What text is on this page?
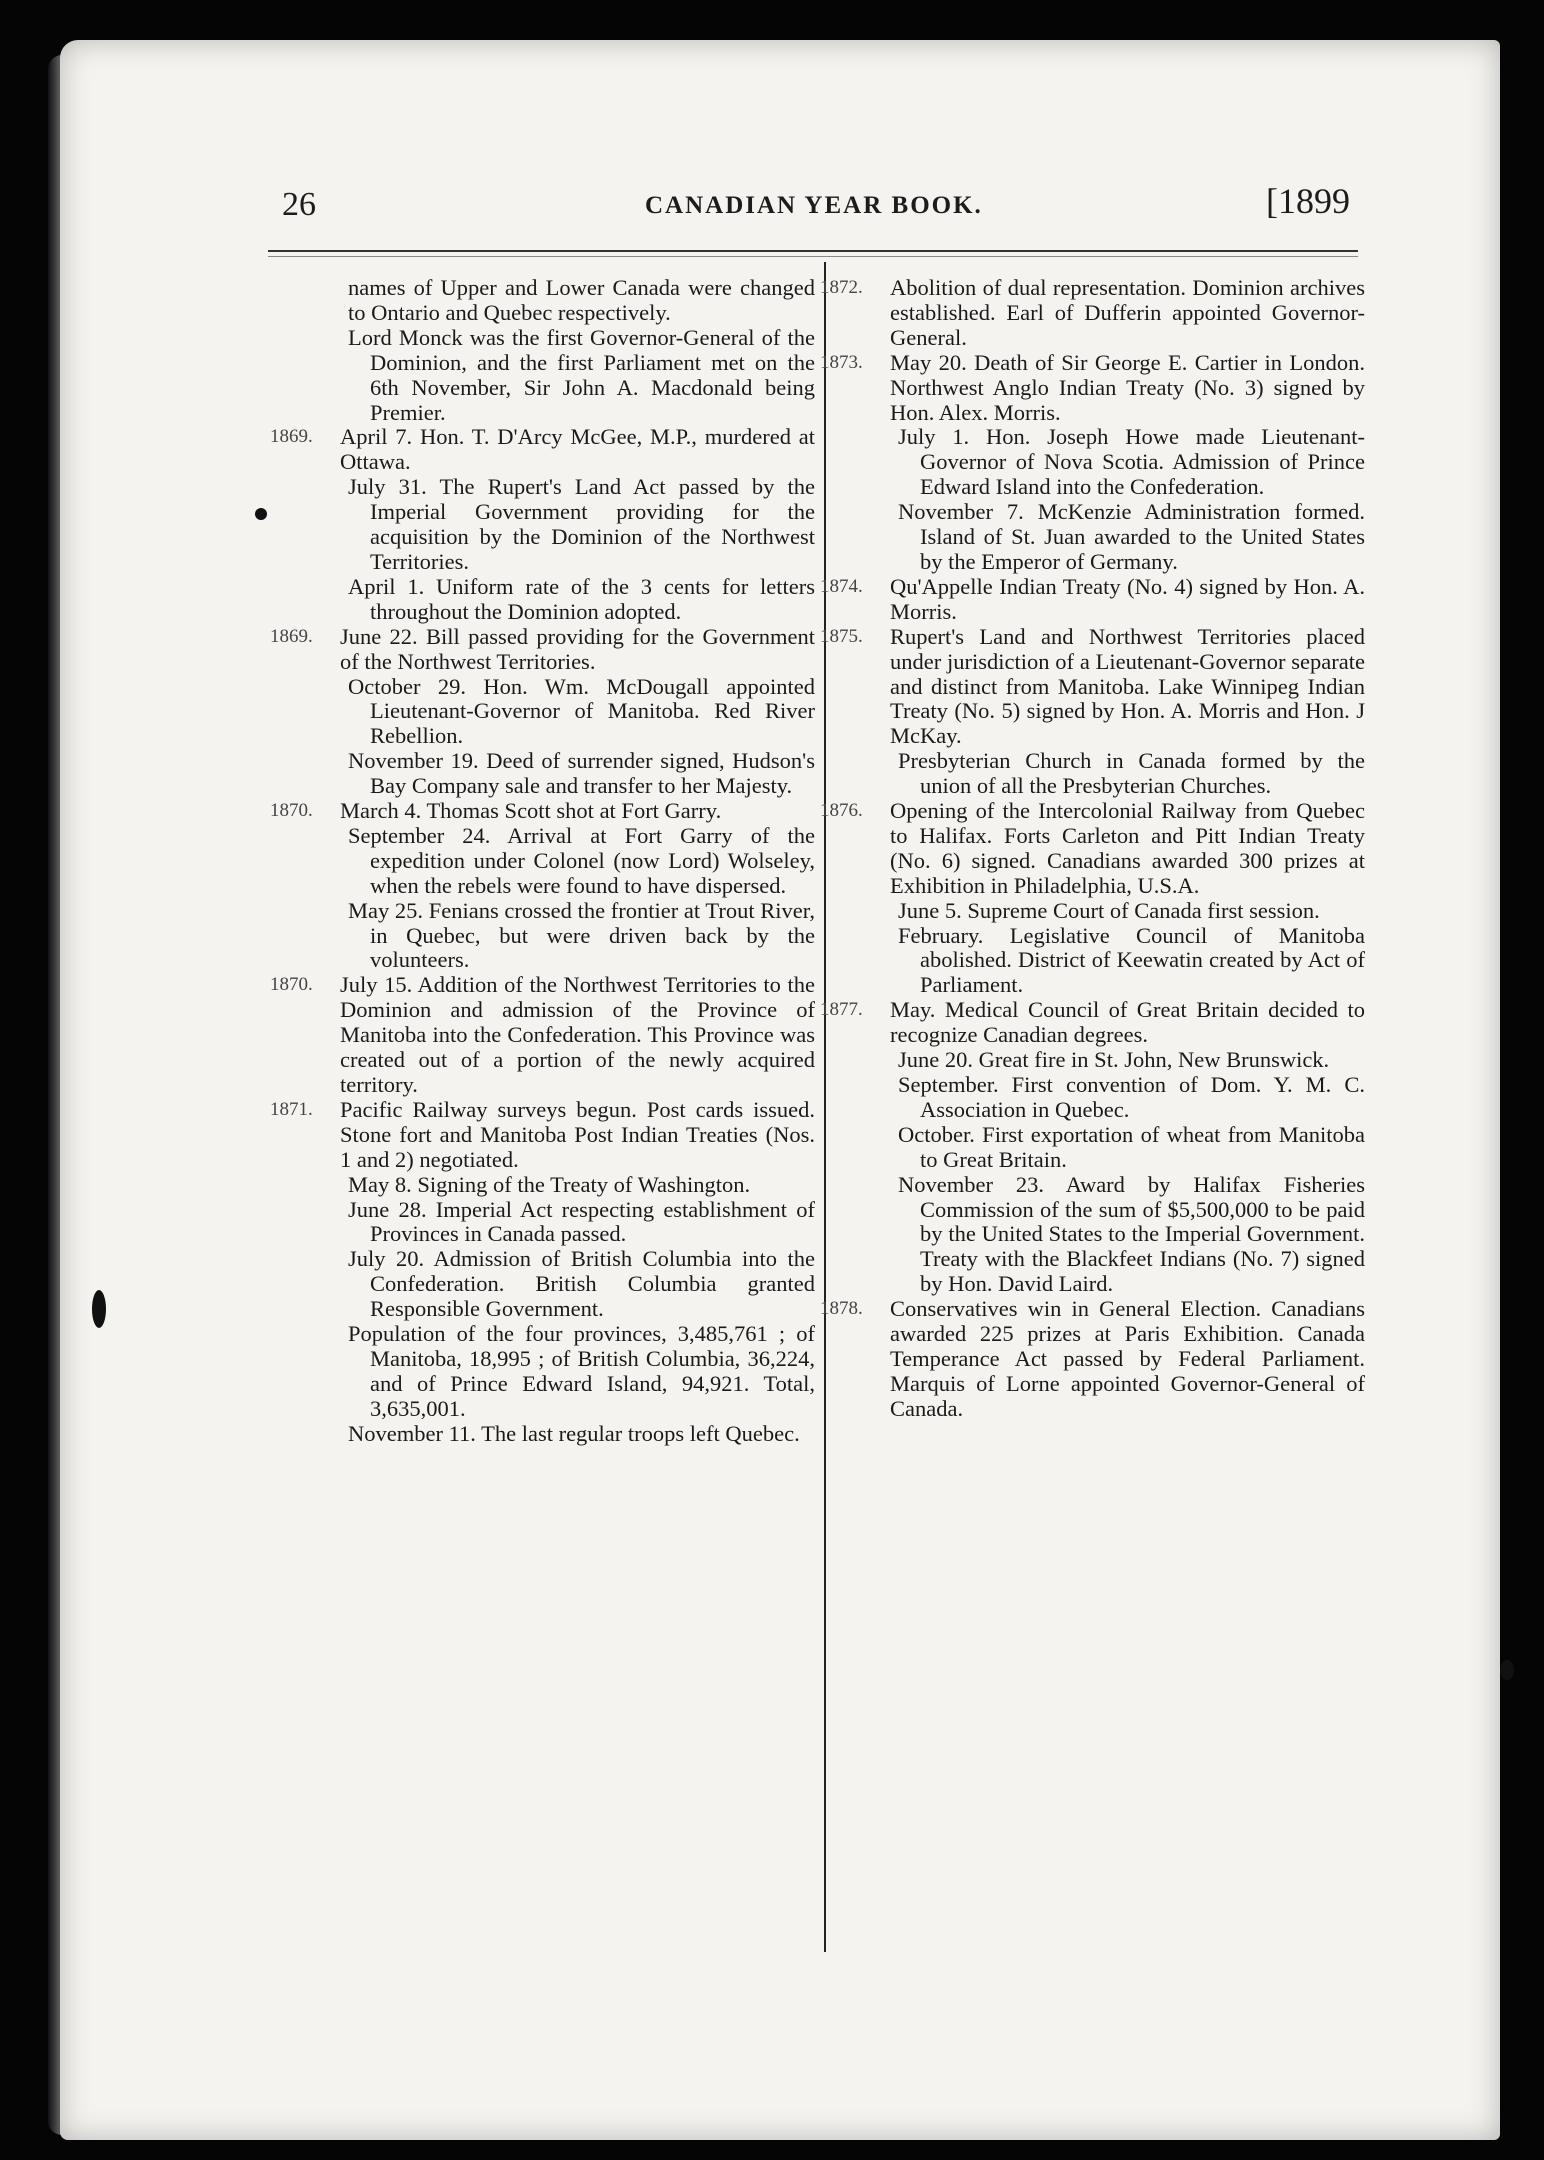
26	CANADIAN YEAR BOOK.	[1899
names of Upper and Lower Canada were changed to Ontario and Quebec respectively.
Lord Monck was the first Governor-General of the Dominion, and the first Parliament met on the 6th November, Sir John A. Macdonald being Premier.
1869.	April 7. Hon. T. D'Arcy McGee, M.P., murdered at Ottawa.
July 31. The Rupert's Land Act passed by the Imperial Government providing for the acquisition by the Dominion of the Northwest Territories.
April 1. Uniform rate of the 3 cents for letters throughout the Dominion adopted.
1869.	June 22. Bill passed providing for the Government of the Northwest Territories.
October 29. Hon. Wm. McDougall appointed Lieutenant-Governor of Manitoba. Red River Rebellion.
November 19. Deed of surrender signed, Hudson's Bay Company sale and transfer to her Majesty.
1870.	March 4. Thomas Scott shot at Fort Garry.
September 24. Arrival at Fort Garry of the expedition under Colonel (now Lord) Wolseley, when the rebels were found to have dispersed.
May 25. Fenians crossed the frontier at Trout River, in Quebec, but were driven back by the volunteers.
1870.	July 15. Addition of the Northwest Territories to the Dominion and admission of the Province of Manitoba into the Confederation. This Province was created out of a portion of the newly acquired territory.
1871.	Pacific Railway surveys begun. Post cards issued. Stone fort and Manitoba Post Indian Treaties (Nos. 1 and 2) negotiated.
May 8. Signing of the Treaty of Washington.
June 28. Imperial Act respecting establishment of Provinces in Canada passed.
July 20. Admission of British Columbia into the Confederation. British Columbia granted Responsible Government.
Population of the four provinces, 3,485,761 ; of Manitoba, 18,995 ; of British Columbia, 36,224, and of Prince Edward Island, 94,921. Total, 3,635,001.
November 11. The last regular troops left Quebec.
1872.	Abolition of dual representation. Dominion archives established. Earl of Dufferin appointed Governor-General.
1873.	May 20. Death of Sir George E. Cartier in London. Northwest Anglo Indian Treaty (No. 3) signed by Hon. Alex. Morris.
July 1. Hon. Joseph Howe made Lieutenant-Governor of Nova Scotia. Admission of Prince Edward Island into the Confederation.
November 7. McKenzie Administration formed. Island of St. Juan awarded to the United States by the Emperor of Germany.
1874.	Qu'Appelle Indian Treaty (No. 4) signed by Hon. A. Morris.
1875.	Rupert's Land and Northwest Territories placed under jurisdiction of a Lieutenant-Governor separate and distinct from Manitoba. Lake Winnipeg Indian Treaty (No. 5) signed by Hon. A. Morris and Hon. J McKay.
Presbyterian Church in Canada formed by the union of all the Presbyterian Churches.
1876.	Opening of the Intercolonial Railway from Quebec to Halifax. Forts Carleton and Pitt Indian Treaty (No. 6) signed. Canadians awarded 300 prizes at Exhibition in Philadelphia, U.S.A.
June 5. Supreme Court of Canada first session.
February. Legislative Council of Manitoba abolished. District of Keewatin created by Act of Parliament.
1877.	May. Medical Council of Great Britain decided to recognize Canadian degrees.
June 20. Great fire in St. John, New Brunswick.
September. First convention of Dom. Y. M. C. Association in Quebec.
October. First exportation of wheat from Manitoba to Great Britain.
November 23. Award by Halifax Fisheries Commission of the sum of $5,500,000 to be paid by the United States to the Imperial Government. Treaty with the Blackfeet Indians (No. 7) signed by Hon. David Laird.
1878.	Conservatives win in General Election. Canadians awarded 225 prizes at Paris Exhibition. Canada Temperance Act passed by Federal Parliament. Marquis of Lorne appointed Governor-General of Canada.
